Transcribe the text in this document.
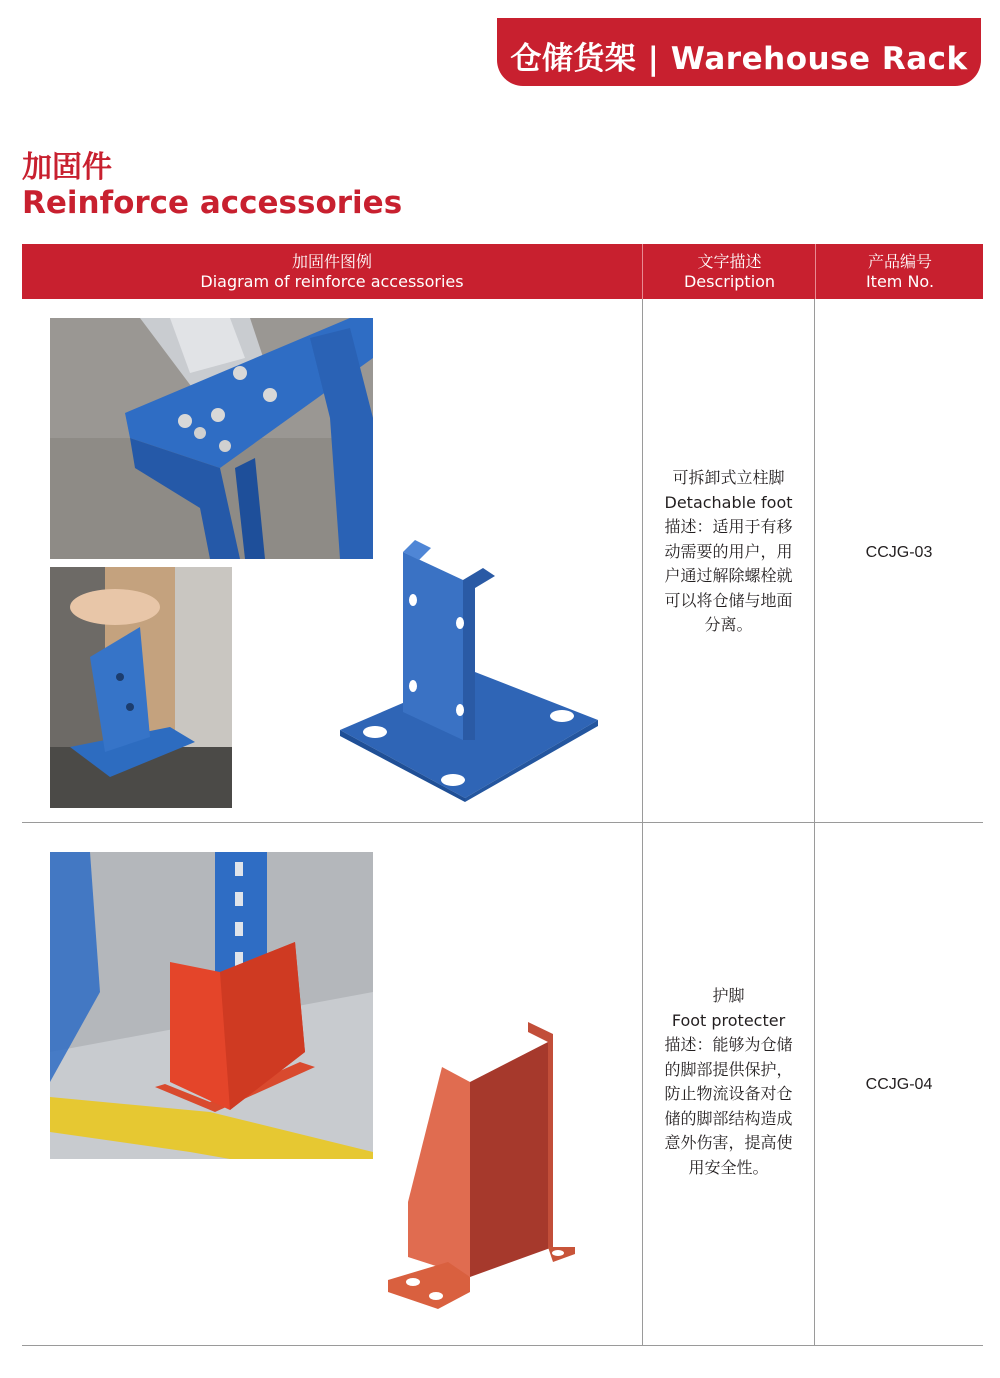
仓储货架 | Warehouse Rack
加固件
Reinforce accessories
加固件图例
Diagram of reinforce accessories
文字描述
Description
产品编号
Item No.
可拆卸式立柱脚
Detachable foot
描述：适用于有移
动需要的用户，用
户通过解除螺栓就
可以将仓储与地面
分离。
CCJG-03
护脚
Foot protecter
描述：能够为仓储
的脚部提供保护，
防止物流设备对仓
储的脚部结构造成
意外伤害，提高使
用安全性。
CCJG-04
